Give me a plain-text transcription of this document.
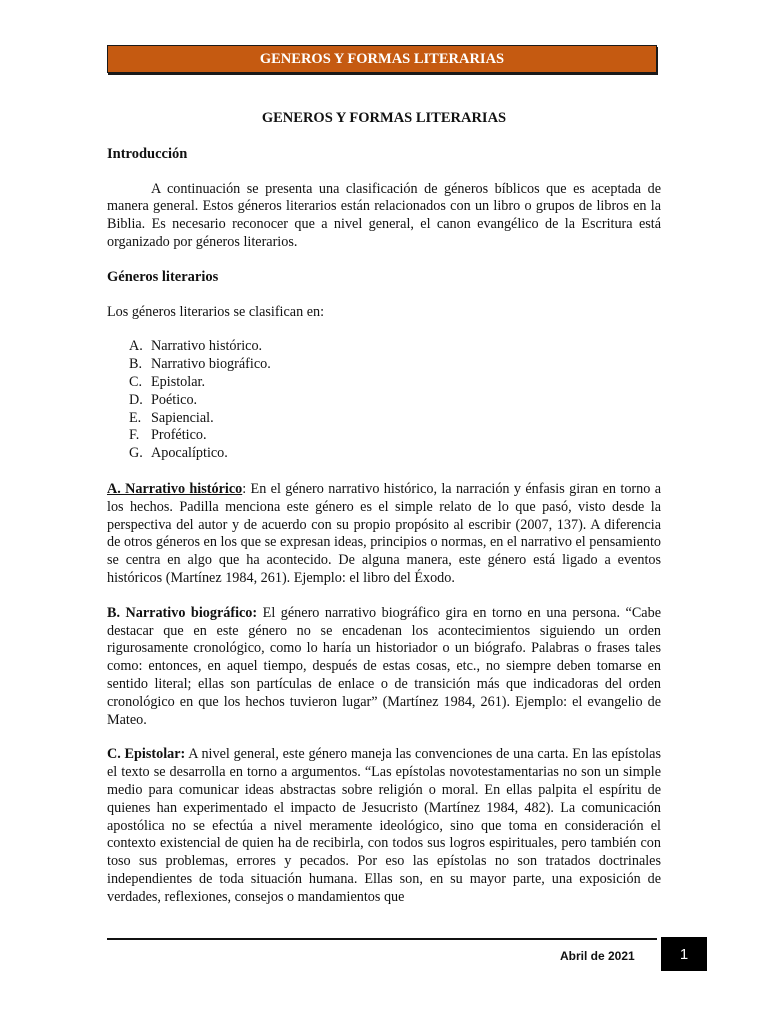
GENEROS Y FORMAS LITERARIAS
GENEROS Y FORMAS LITERARIAS
Introducción

A continuación se presenta una clasificación de géneros bíblicos que es aceptada de manera general. Estos géneros literarios están relacionados con un libro o grupos de libros en la Biblia. Es necesario reconocer que a nivel general, el canon evangélico de la Escritura está organizado por géneros literarios.

Géneros literarios

Los géneros literarios se clasifican en:

A. Narrativo histórico.
B. Narrativo biográfico.
C. Epistolar.
D. Poético.
E. Sapiencial.
F. Profético.
G. Apocalíptico.

A. Narrativo histórico: En el género narrativo histórico, la narración y énfasis giran en torno a los hechos. Padilla menciona este género es el simple relato de lo que pasó, visto desde la perspectiva del autor y de acuerdo con su propio propósito al escribir (2007, 137). A diferencia de otros géneros en los que se expresan ideas, principios o normas, en el narrativo el pensamiento se centra en algo que ha acontecido. De alguna manera, este género está ligado a eventos históricos (Martínez 1984, 261). Ejemplo: el libro del Éxodo.

B. Narrativo biográfico: El género narrativo biográfico gira en torno en una persona. “Cabe destacar que en este género no se encadenan los acontecimientos siguiendo un orden rigurosamente cronológico, como lo haría un historiador o un biógrafo. Palabras o frases tales como: entonces, en aquel tiempo, después de estas cosas, etc., no siempre deben tomarse en sentido literal; ellas son partículas de enlace o de transición más que indicadoras del orden cronológico en que los hechos tuvieron lugar” (Martínez 1984, 261). Ejemplo: el evangelio de Mateo.

C. Epistolar: A nivel general, este género maneja las convenciones de una carta. En las epístolas el texto se desarrolla en torno a argumentos. “Las epístolas novotestamentarias no son un simple medio para comunicar ideas abstractas sobre religión o moral. En ellas palpita el espíritu de quienes han experimentado el impacto de Jesucristo (Martínez 1984, 482). La comunicación apostólica no se efectúa a nivel meramente ideológico, sino que toma en consideración el contexto existencial de quien ha de recibirla, con todos sus logros espirituales, pero también con toso sus problemas, errores y pecados. Por eso las epístolas no son tratados doctrinales independientes de toda situación humana. Ellas son, en su mayor parte, una exposición de verdades, reflexiones, consejos o mandamientos que

Abril de 2021	1
